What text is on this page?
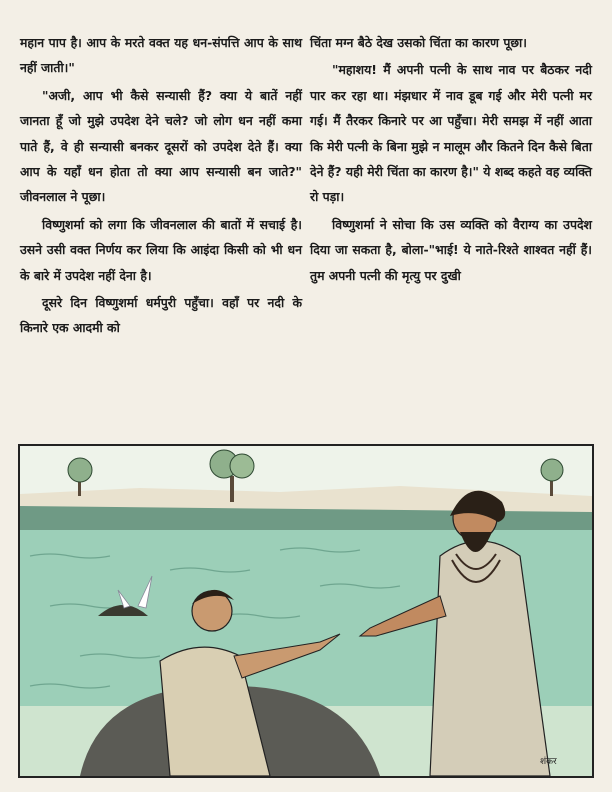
महान पाप है। आप के मरते वक्त यह धन-संपत्ति आप के साथ नहीं जाती।"

"अजी, आप भी कैसे सन्यासी हैं? क्या ये बातें नहीं जानता हूँ जो मुझे उपदेश देने चले? जो लोग धन नहीं कमा पाते हैं, वे ही सन्यासी बनकर दूसरों को उपदेश देते हैं। क्या आप के यहाँ धन होता तो क्या आप सन्यासी बन जाते?" जीवनलाल ने पूछा।

विष्णुशर्मा को लगा कि जीवनलाल की बातों में सचाई है। उसने उसी वक्त निर्णय कर लिया कि आइंदा किसी को भी धन के बारे में उपदेश नहीं देना है।

दूसरे दिन विष्णुशर्मा धर्मपुरी पहुँचा। वहाँ पर नदी के किनारे एक आदमी को

चिंता मग्न बैठे देख उसको चिंता का कारण पूछा।

"महाशय! मैं अपनी पत्नी के साथ नाव पर बैठकर नदी पार कर रहा था। मंझधार में नाव डूब गई और मेरी पत्नी मर गई। मैं तैरकर किनारे पर आ पहुँचा। मेरी समझ में नहीं आता कि मेरी पत्नी के बिना मुझे न मालूम और कितने दिन कैसे बिता देने हैं? यही मेरी चिंता का कारण है।" ये शब्द कहते वह व्यक्ति रो पड़ा।

विष्णुशर्मा ने सोचा कि उस व्यक्ति को वैराग्य का उपदेश दिया जा सकता है, बोला-"भाई! ये नाते-रिश्ते शाश्वत नहीं हैं। तुम अपनी पत्नी की मृत्यु पर दुखी

शंकर
